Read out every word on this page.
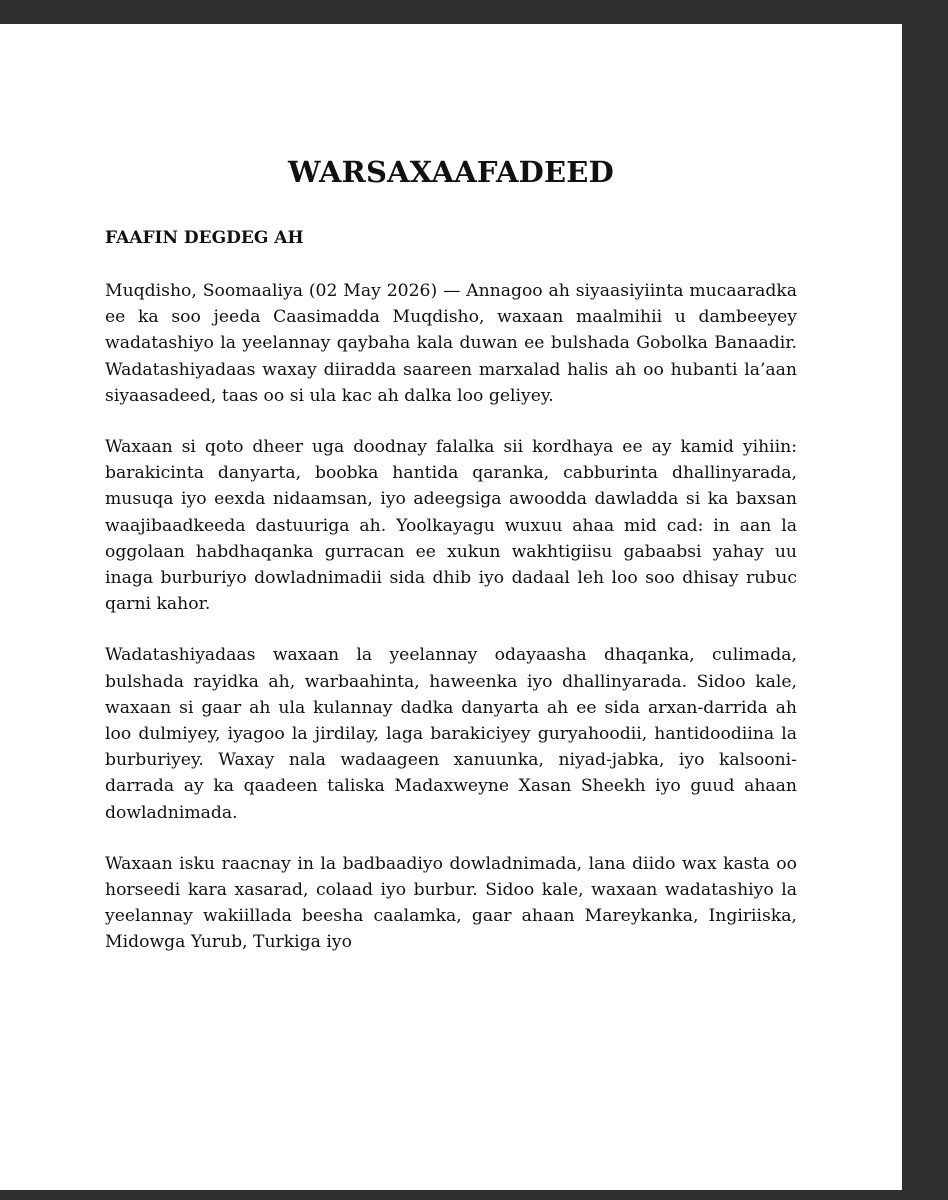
WARSAXAAFADEED
FAAFIN DEGDEG AH

Muqdisho, Soomaaliya (02 May 2026) — Annagoo ah siyaasiyiinta mucaaradka ee ka soo jeeda Caasimadda Muqdisho, waxaan maalmihii u dambeeyey wadatashiyo la yeelannay qaybaha kala duwan ee bulshada Gobolka Banaadir. Wadatashiyadaas waxay diiradda saareen marxalad halis ah oo hubanti la’aan siyaasadeed, taas oo si ula kac ah dalka loo geliyey.

Waxaan si qoto dheer uga doodnay falalka sii kordhaya ee ay kamid yihiin: barakicinta danyarta, boobka hantida qaranka, cabburinta dhallinyarada, musuqa iyo eexda nidaamsan, iyo adeegsiga awoodda dawladda si ka baxsan waajibaadkeeda dastuuriga ah. Yoolkayagu wuxuu ahaa mid cad: in aan la oggolaan habdhaqanka gurracan ee xukun wakhtigiisu gabaabsi yahay uu inaga burburiyo dowladnimadii sida dhib iyo dadaal leh loo soo dhisay rubuc qarni kahor.

Wadatashiyadaas waxaan la yeelannay odayaasha dhaqanka, culimada, bulshada rayidka ah, warbaahinta, haweenka iyo dhallinyarada. Sidoo kale, waxaan si gaar ah ula kulannay dadka danyarta ah ee sida arxan-darrida ah loo dulmiyey, iyagoo la jirdilay, laga barakiciyey guryahoodii, hantidoodiina la burburiyey. Waxay nala wadaageen xanuunka, niyad-jabka, iyo kalsooni-darrada ay ka qaadeen taliska Madaxweyne Xasan Sheekh iyo guud ahaan dowladnimada.

Waxaan isku raacnay in la badbaadiyo dowladnimada, lana diido wax kasta oo horseedi kara xasarad, colaad iyo burbur. Sidoo kale, waxaan wadatashiyo la yeelannay wakiillada beesha caalamka, gaar ahaan Mareykanka, Ingiriiska, Midowga Yurub, Turkiga iyo
